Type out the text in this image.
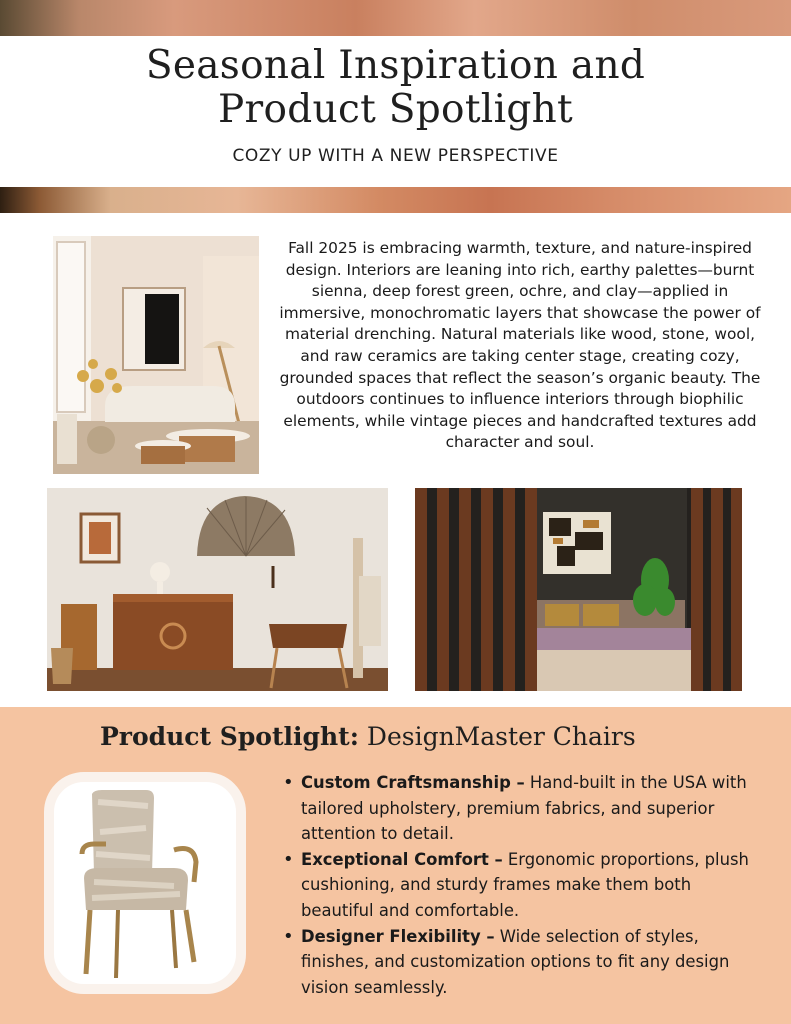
Seasonal Inspiration and
Product Spotlight
COZY UP WITH A NEW PERSPECTIVE
Fall 2025 is embracing warmth, texture, and nature-inspired design. Interiors are leaning into rich, earthy palettes—burnt sienna, deep forest green, ochre, and clay—applied in immersive, monochromatic layers that showcase the power of material drenching. Natural materials like wood, stone, wool, and raw ceramics are taking center stage, creating cozy, grounded spaces that reflect the season’s organic beauty. The outdoors continues to influence interiors through biophilic elements, while vintage pieces and handcrafted textures add character and soul.
Product Spotlight: DesignMaster Chairs
• Custom Craftsmanship – Hand-built in the USA with tailored upholstery, premium fabrics, and superior attention to detail.
• Exceptional Comfort – Ergonomic proportions, plush cushioning, and sturdy frames make them both beautiful and comfortable.
• Designer Flexibility – Wide selection of styles, finishes, and customization options to fit any design vision seamlessly.
